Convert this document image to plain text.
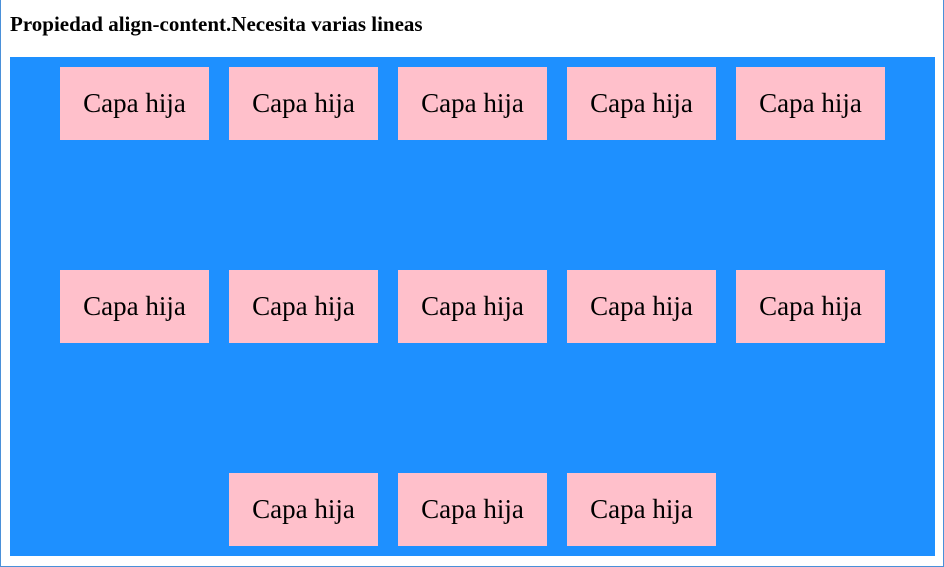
Propiedad align-content.Necesita varias lineas
Capa hija	Capa hija	Capa hija	Capa hija	Capa hija
Capa hija	Capa hija	Capa hija	Capa hija	Capa hija
Capa hija	Capa hija	Capa hija
